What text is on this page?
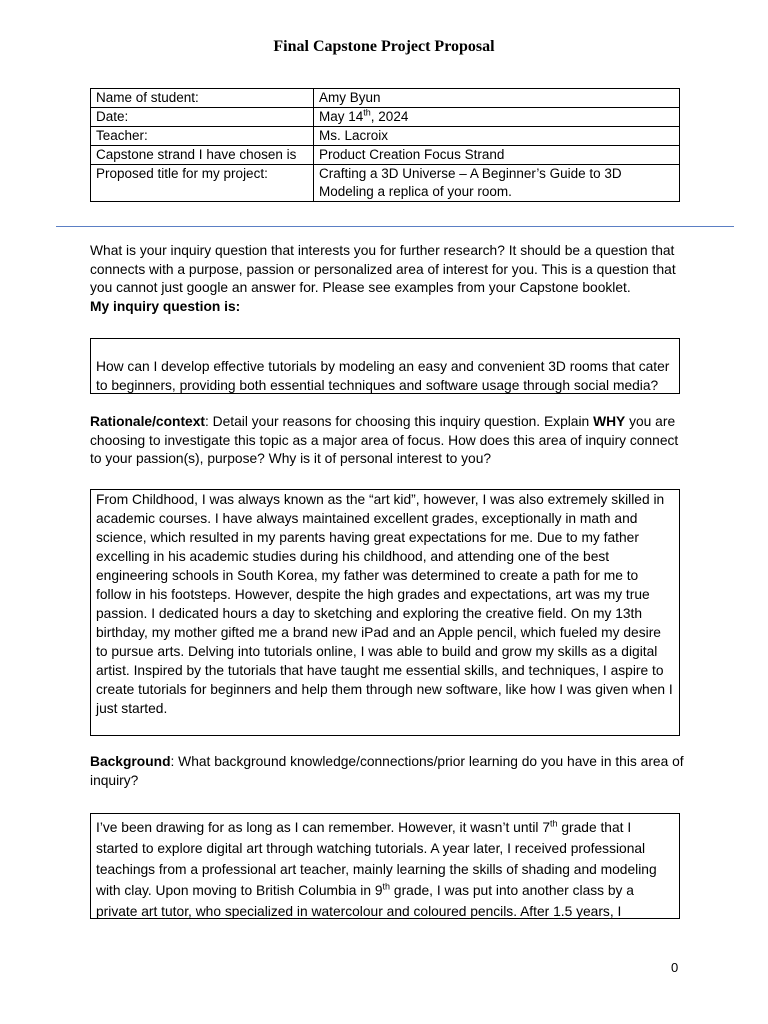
Final Capstone Project Proposal
Name of student:	Amy Byun
Date:	May 14th, 2024
Teacher:	Ms. Lacroix
Capstone strand I have chosen is	Product Creation Focus Strand
Proposed title for my project:	Crafting a 3D Universe – A Beginner’s Guide to 3D Modeling a replica of your room.
What is your inquiry question that interests you for further research? It should be a question that connects with a purpose, passion or personalized area of interest for you. This is a question that you cannot just google an answer for. Please see examples from your Capstone booklet.
My inquiry question is:
How can I develop effective tutorials by modeling an easy and convenient 3D rooms that cater to beginners, providing both essential techniques and software usage through social media?
Rationale/context: Detail your reasons for choosing this inquiry question. Explain WHY you are choosing to investigate this topic as a major area of focus. How does this area of inquiry connect to your passion(s), purpose? Why is it of personal interest to you?
From Childhood, I was always known as the “art kid”, however, I was also extremely skilled in academic courses. I have always maintained excellent grades, exceptionally in math and science, which resulted in my parents having great expectations for me. Due to my father excelling in his academic studies during his childhood, and attending one of the best engineering schools in South Korea, my father was determined to create a path for me to follow in his footsteps. However, despite the high grades and expectations, art was my true passion. I dedicated hours a day to sketching and exploring the creative field. On my 13th birthday, my mother gifted me a brand new iPad and an Apple pencil, which fueled my desire to pursue arts. Delving into tutorials online, I was able to build and grow my skills as a digital artist. Inspired by the tutorials that have taught me essential skills, and techniques, I aspire to create tutorials for beginners and help them through new software, like how I was given when I just started.
Background: What background knowledge/connections/prior learning do you have in this area of inquiry?
I’ve been drawing for as long as I can remember. However, it wasn’t until 7th grade that I started to explore digital art through watching tutorials. A year later, I received professional teachings from a professional art teacher, mainly learning the skills of shading and modeling with clay. Upon moving to British Columbia in 9th grade, I was put into another class by a private art tutor, who specialized in watercolour and coloured pencils. After 1.5 years, I
0
